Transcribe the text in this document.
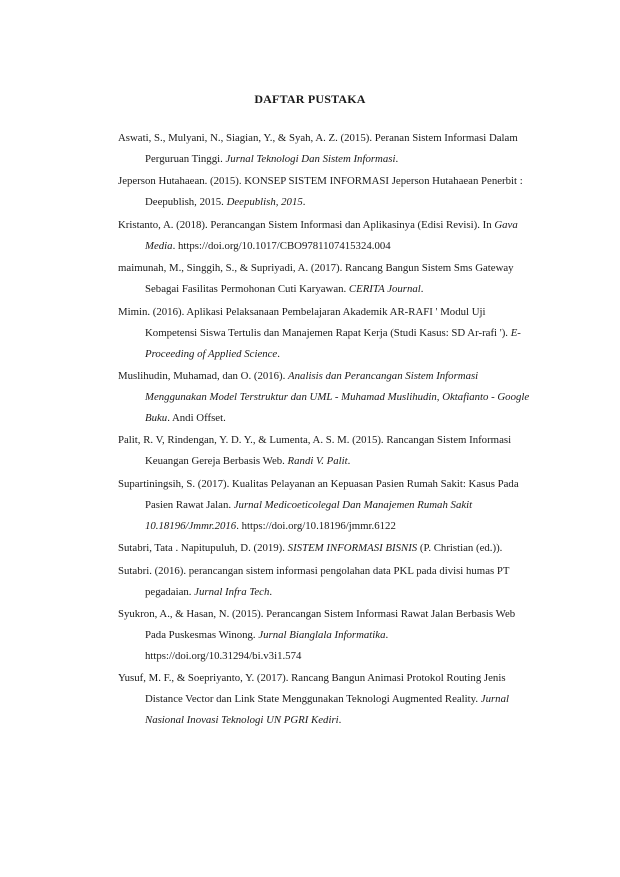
DAFTAR PUSTAKA

Aswati, S., Mulyani, N., Siagian, Y., & Syah, A. Z. (2015). Peranan Sistem Informasi Dalam Perguruan Tinggi. Jurnal Teknologi Dan Sistem Informasi.

Jeperson Hutahaean. (2015). KONSEP SISTEM INFORMASI Jeperson Hutahaean Penerbit : Deepublish, 2015. Deepublish, 2015.

Kristanto, A. (2018). Perancangan Sistem Informasi dan Aplikasinya (Edisi Revisi). In Gava Media. https://doi.org/10.1017/CBO9781107415324.004

maimunah, M., Singgih, S., & Supriyadi, A. (2017). Rancang Bangun Sistem Sms Gateway Sebagai Fasilitas Permohonan Cuti Karyawan. CERITA Journal.

Mimin. (2016). Aplikasi Pelaksanaan Pembelajaran Akademik AR-RAFI ' Modul Uji Kompetensi Siswa Tertulis dan Manajemen Rapat Kerja (Studi Kasus: SD Ar-rafi '). E-Proceeding of Applied Science.

Muslihudin, Muhamad, dan O. (2016). Analisis dan Perancangan Sistem Informasi Menggunakan Model Terstruktur dan UML - Muhamad Muslihudin, Oktafianto - Google Buku. Andi Offset.

Palit, R. V, Rindengan, Y. D. Y., & Lumenta, A. S. M. (2015). Rancangan Sistem Informasi Keuangan Gereja Berbasis Web. Randi V. Palit.

Supartiningsih, S. (2017). Kualitas Pelayanan an Kepuasan Pasien Rumah Sakit: Kasus Pada Pasien Rawat Jalan. Jurnal Medicoeticolegal Dan Manajemen Rumah Sakit 10.18196/Jmmr.2016. https://doi.org/10.18196/jmmr.6122

Sutabri, Tata . Napitupuluh, D. (2019). SISTEM INFORMASI BISNIS (P. Christian (ed.)).

Sutabri. (2016). perancangan sistem informasi pengolahan data PKL pada divisi humas PT pegadaian. Jurnal Infra Tech.

Syukron, A., & Hasan, N. (2015). Perancangan Sistem Informasi Rawat Jalan Berbasis Web Pada Puskesmas Winong. Jurnal Bianglala Informatika. https://doi.org/10.31294/bi.v3i1.574

Yusuf, M. F., & Soepriyanto, Y. (2017). Rancang Bangun Animasi Protokol Routing Jenis Distance Vector dan Link State Menggunakan Teknologi Augmented Reality. Jurnal Nasional Inovasi Teknologi UN PGRI Kediri.
